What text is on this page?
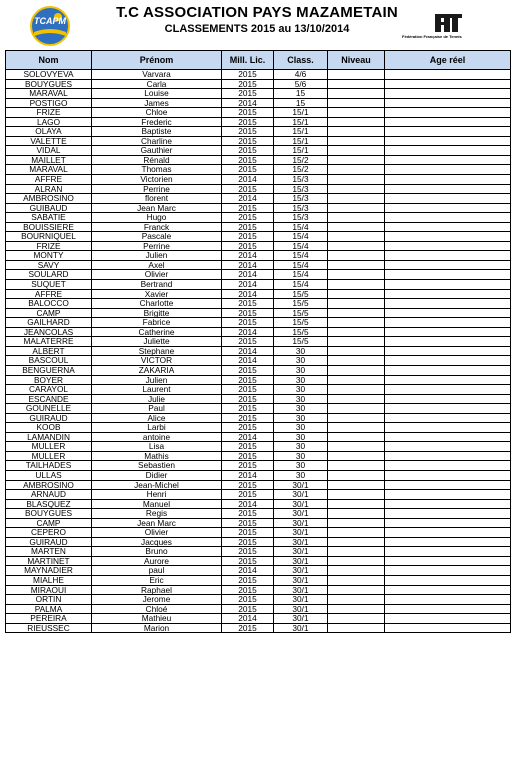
TCAPM	T.C ASSOCIATION PAYS MAZAMETAIN
CLASSEMENTS 2015 au 13/10/2014
Fédération Française de Tennis
Nom	Prénom	Mill. Lic.	Class.	Niveau	Age réel
SOLOVYEVA	Varvara	2015	4/6		
BOUYGUES	Carla	2015	5/6		
MARAVAL	Louise	2015	15		
POSTIGO	James	2014	15		
FRIZE	Chloe	2015	15/1		
LAGO	Frederic	2015	15/1		
OLAYA	Baptiste	2015	15/1		
VALETTE	Charline	2015	15/1		
VIDAL	Gauthier	2015	15/1		
MAILLET	Rénald	2015	15/2		
MARAVAL	Thomas	2015	15/2		
AFFRE	Victorien	2014	15/3		
ALRAN	Perrine	2015	15/3		
AMBROSINO	florent	2014	15/3		
GUIBAUD	Jean Marc	2015	15/3		
SABATIE	Hugo	2015	15/3		
BOUISSIERE	Franck	2015	15/4		
BOURNIQUEL	Pascale	2015	15/4		
FRIZE	Perrine	2015	15/4		
MONTY	Julien	2014	15/4		
SAVY	Axel	2014	15/4		
SOULARD	Olivier	2014	15/4		
SUQUET	Bertrand	2014	15/4		
AFFRE	Xavier	2014	15/5		
BALOCCO	Charlotte	2015	15/5		
CAMP	Brigitte	2015	15/5		
GAILHARD	Fabrice	2015	15/5		
JEANCOLAS	Catherine	2014	15/5		
MALATERRE	Juliette	2015	15/5		
ALBERT	Stephane	2014	30		
BASCOUL	VICTOR	2014	30		
BENGUERNA	ZAKARIA	2015	30		
BOYER	Julien	2015	30		
CARAYOL	Laurent	2015	30		
ESCANDE	Julie	2015	30		
GOUNELLE	Paul	2015	30		
GUIRAUD	Alice	2015	30		
KOOB	Larbi	2015	30		
LAMANDIN	antoine	2014	30		
MULLER	Lisa	2015	30		
MULLER	Mathis	2015	30		
TAILHADES	Sebastien	2015	30		
ULLAS	Didier	2014	30		
AMBROSINO	Jean-Michel	2015	30/1		
ARNAUD	Henri	2015	30/1		
BLASQUEZ	Manuel	2014	30/1		
BOUYGUES	Regis	2015	30/1		
CAMP	Jean Marc	2015	30/1		
CEPERO	Olivier	2015	30/1		
GUIRAUD	Jacques	2015	30/1		
MARTEN	Bruno	2015	30/1		
MARTINET	Aurore	2015	30/1		
MAYNADIER	paul	2014	30/1		
MIALHE	Eric	2015	30/1		
MIRAOUI	Raphael	2015	30/1		
ORTIN	Jerome	2015	30/1		
PALMA	Chloé	2015	30/1		
PEREIRA	Mathieu	2014	30/1		
RIEUSSEC	Marion	2015	30/1		
